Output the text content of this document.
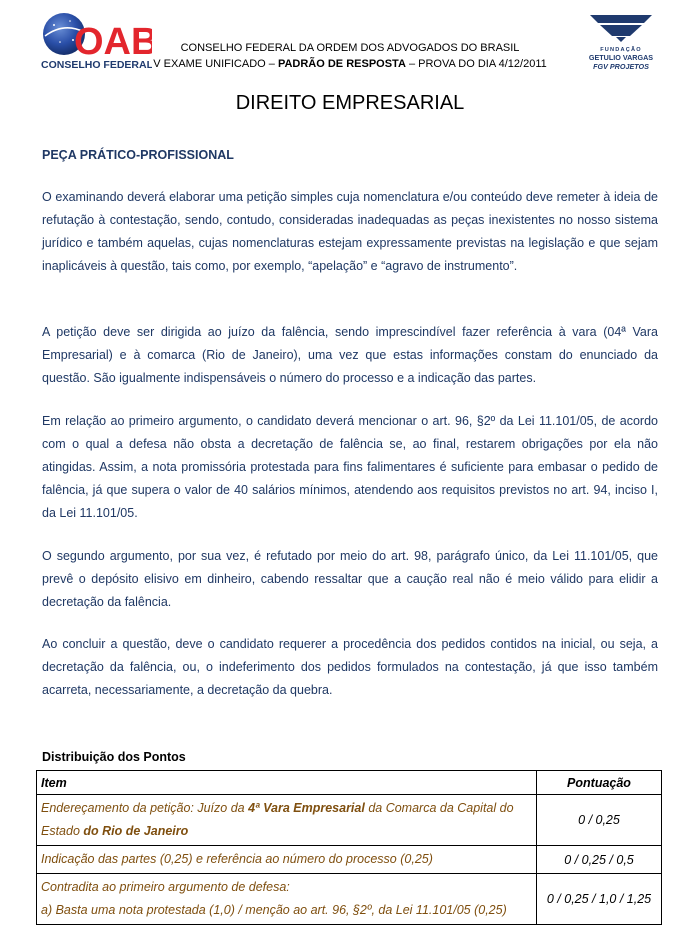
OAB
CONSELHO FEDERAL
CONSELHO FEDERAL DA ORDEM DOS ADVOGADOS DO BRASIL
V EXAME UNIFICADO – PADRÃO DE RESPOSTA – PROVA DO DIA 4/12/2011
FUNDAÇÃO
GETULIO VARGAS
FGV PROJETOS
DIREITO EMPRESARIAL
PEÇA PRÁTICO-PROFISSIONAL

O examinando deverá elaborar uma petição simples cuja nomenclatura e/ou conteúdo deve remeter à ideia de refutação à contestação, sendo, contudo, consideradas inadequadas as peças inexistentes no nosso sistema jurídico e também aquelas, cujas nomenclaturas estejam expressamente previstas na legislação e que sejam inaplicáveis à questão, tais como, por exemplo, “apelação” e “agravo de instrumento”.

A petição deve ser dirigida ao juízo da falência, sendo imprescindível fazer referência à vara (04ª Vara Empresarial) e à comarca (Rio de Janeiro), uma vez que estas informações constam do enunciado da questão. São igualmente indispensáveis o número do processo e a indicação das partes.

Em relação ao primeiro argumento, o candidato deverá mencionar o art. 96, §2º da Lei 11.101/05, de acordo com o qual a defesa não obsta a decretação de falência se, ao final, restarem obrigações por ela não atingidas. Assim, a nota promissória protestada para fins falimentares é suficiente para embasar o pedido de falência, já que supera o valor de 40 salários mínimos, atendendo aos requisitos previstos no art. 94, inciso I, da Lei 11.101/05.

O segundo argumento, por sua vez, é refutado por meio do art. 98, parágrafo único, da Lei 11.101/05, que prevê o depósito elisivo em dinheiro, cabendo ressaltar que a caução real não é meio válido para elidir a decretação da falência.

Ao concluir a questão, deve o candidato requerer a procedência dos pedidos contidos na inicial, ou seja, a decretação da falência, ou, o indeferimento dos pedidos formulados na contestação, já que isso também acarreta, necessariamente, a decretação da quebra.

Distribuição dos Pontos
Item	Pontuação
Endereçamento da petição: Juízo da 4ª Vara Empresarial da Comarca da Capital do Estado do Rio de Janeiro	0 / 0,25
Indicação das partes (0,25) e referência ao número do processo (0,25)	0 / 0,25 / 0,5

Contradita ao primeiro argumento de defesa:
a) Basta uma nota protestada (1,0) / menção ao art. 96, §2º, da Lei 11.101/05 (0,25)	0 / 0,25 / 1,0 / 1,25
